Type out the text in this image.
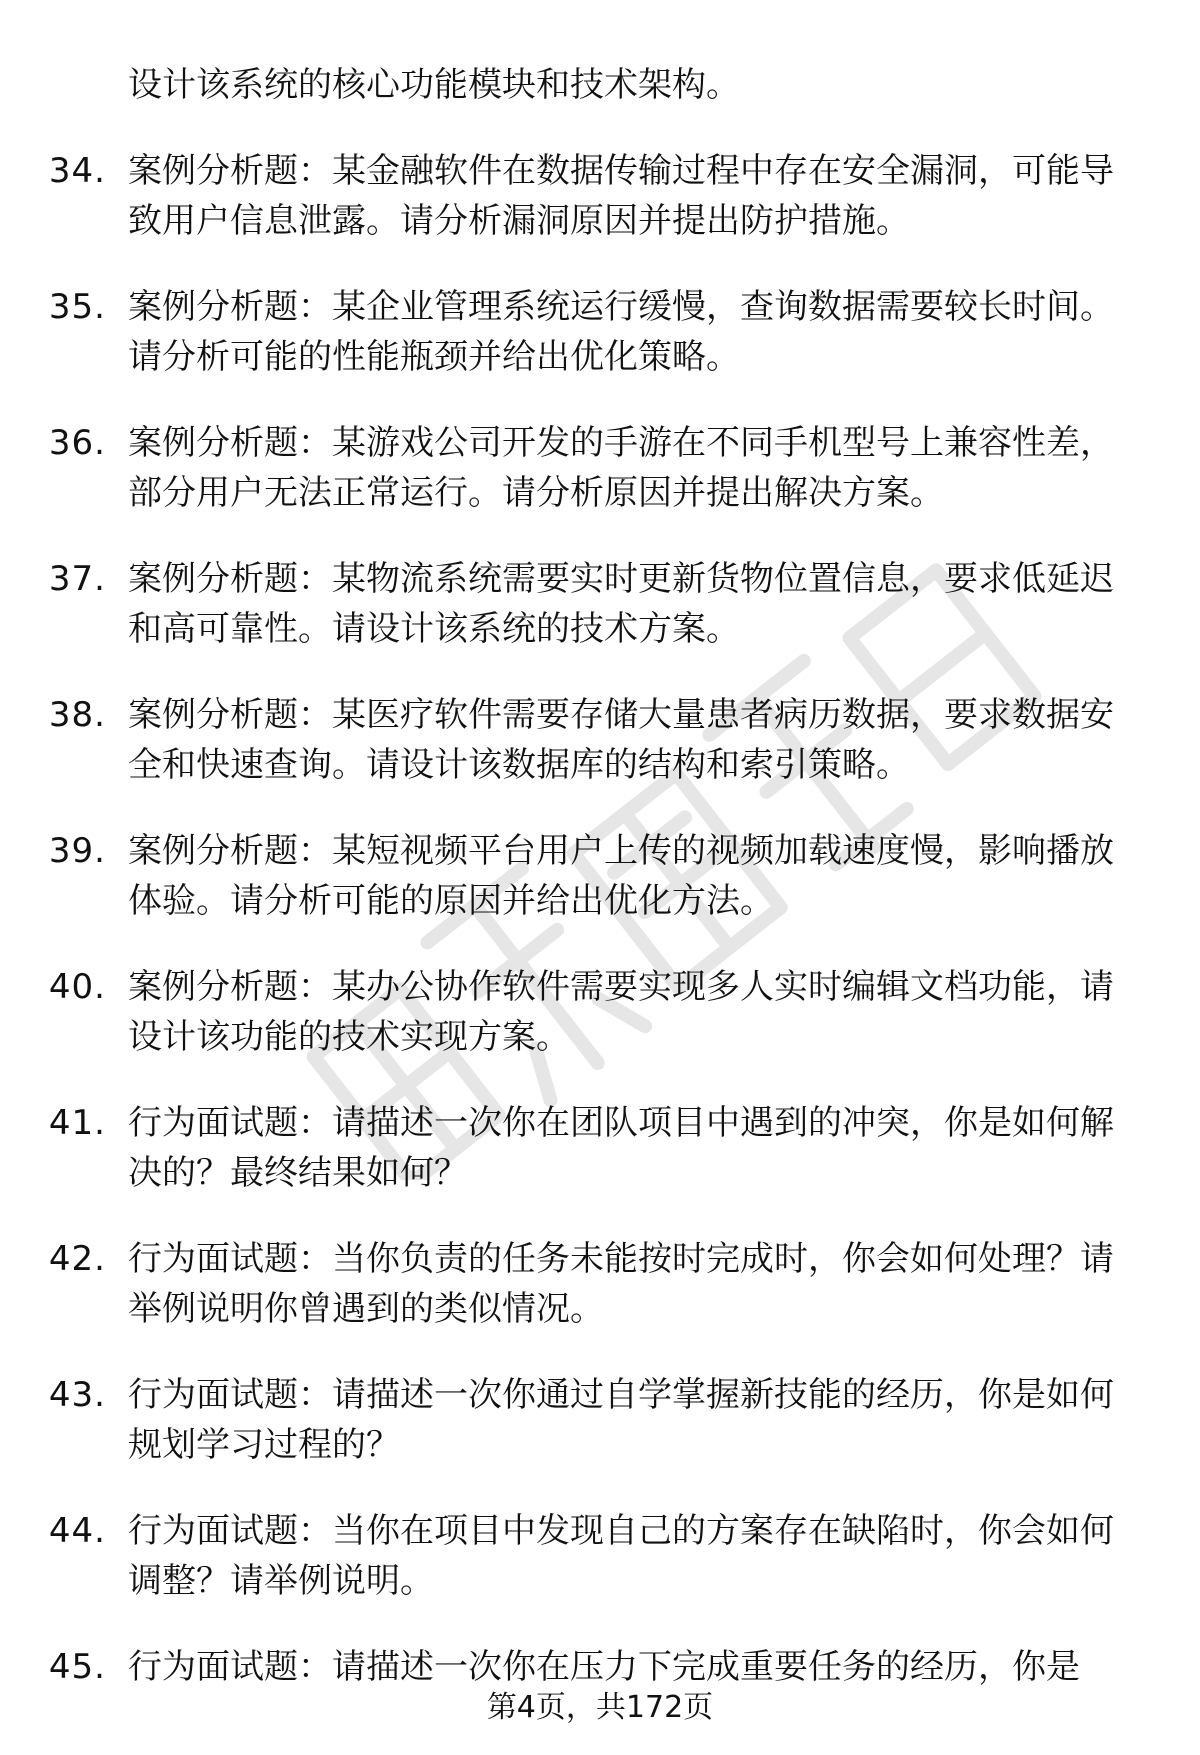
设计该系统的核心功能模块和技术架构。
34. 案例分析题：某金融软件在数据传输过程中存在安全漏洞，可能导致用户信息泄露。请分析漏洞原因并提出防护措施。
35. 案例分析题：某企业管理系统运行缓慢，查询数据需要较长时间。请分析可能的性能瓶颈并给出优化策略。
36. 案例分析题：某游戏公司开发的手游在不同手机型号上兼容性差，部分用户无法正常运行。请分析原因并提出解决方案。
37. 案例分析题：某物流系统需要实时更新货物位置信息，要求低延迟和高可靠性。请设计该系统的技术方案。
38. 案例分析题：某医疗软件需要存储大量患者病历数据，要求数据安全和快速查询。请设计该数据库的结构和索引策略。
39. 案例分析题：某短视频平台用户上传的视频加载速度慢，影响播放体验。请分析可能的原因并给出优化方法。
40. 案例分析题：某办公协作软件需要实现多人实时编辑文档功能，请设计该功能的技术实现方案。
41. 行为面试题：请描述一次你在团队项目中遇到的冲突，你是如何解决的？最终结果如何？
42. 行为面试题：当你负责的任务未能按时完成时，你会如何处理？请举例说明你曾遇到的类似情况。
43. 行为面试题：请描述一次你通过自学掌握新技能的经历，你是如何规划学习过程的？
44. 行为面试题：当你在项目中发现自己的方案存在缺陷时，你会如何调整？请举例说明。
45. 行为面试题：请描述一次你在压力下完成重要任务的经历，你是
第4页，共172页
